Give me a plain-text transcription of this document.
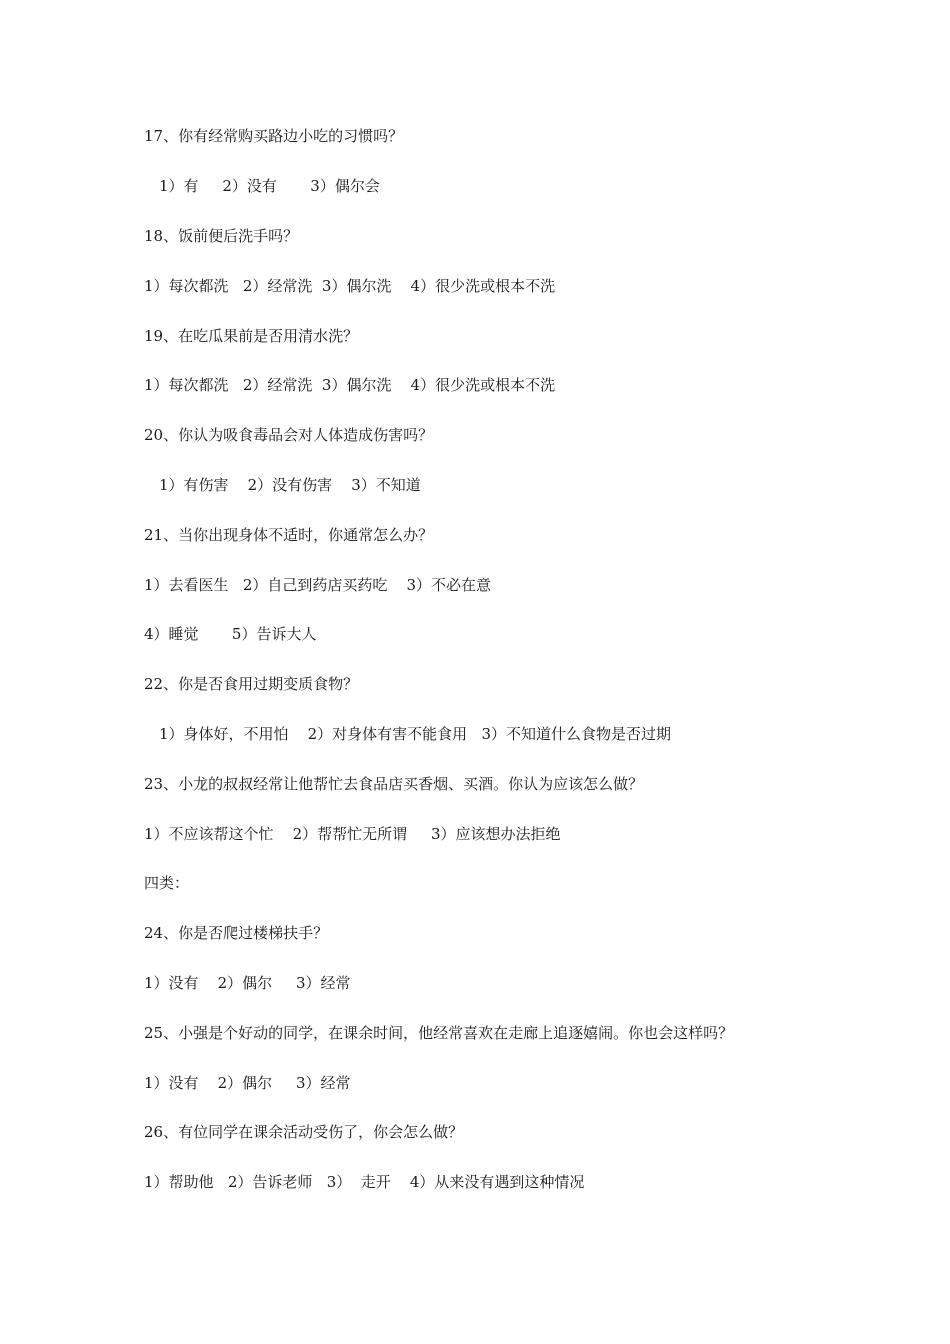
17、你有经常购买路边小吃的习惯吗？
1）有     2）没有       3）偶尔会
18、饭前便后洗手吗？
1）每次都洗   2）经常洗  3）偶尔洗    4）很少洗或根本不洗
19、在吃瓜果前是否用清水洗？
1）每次都洗   2）经常洗  3）偶尔洗    4）很少洗或根本不洗
20、你认为吸食毒品会对人体造成伤害吗？
1）有伤害    2）没有伤害    3）不知道
21、当你出现身体不适时，你通常怎么办？
1）去看医生   2）自己到药店买药吃    3）不必在意
4）睡觉       5）告诉大人
22、你是否食用过期变质食物？
1）身体好，不用怕    2）对身体有害不能食用   3）不知道什么食物是否过期
23、小龙的叔叔经常让他帮忙去食品店买香烟、买酒。你认为应该怎么做？
1）不应该帮这个忙    2）帮帮忙无所谓     3）应该想办法拒绝
四类：
24、你是否爬过楼梯扶手？
1）没有    2）偶尔     3）经常
25、小强是个好动的同学，在课余时间，他经常喜欢在走廊上追逐嬉闹。你也会这样吗？
1）没有    2）偶尔     3）经常
26、有位同学在课余活动受伤了，你会怎么做？
1）帮助他   2）告诉老师   3）  走开    4）从来没有遇到这种情况
